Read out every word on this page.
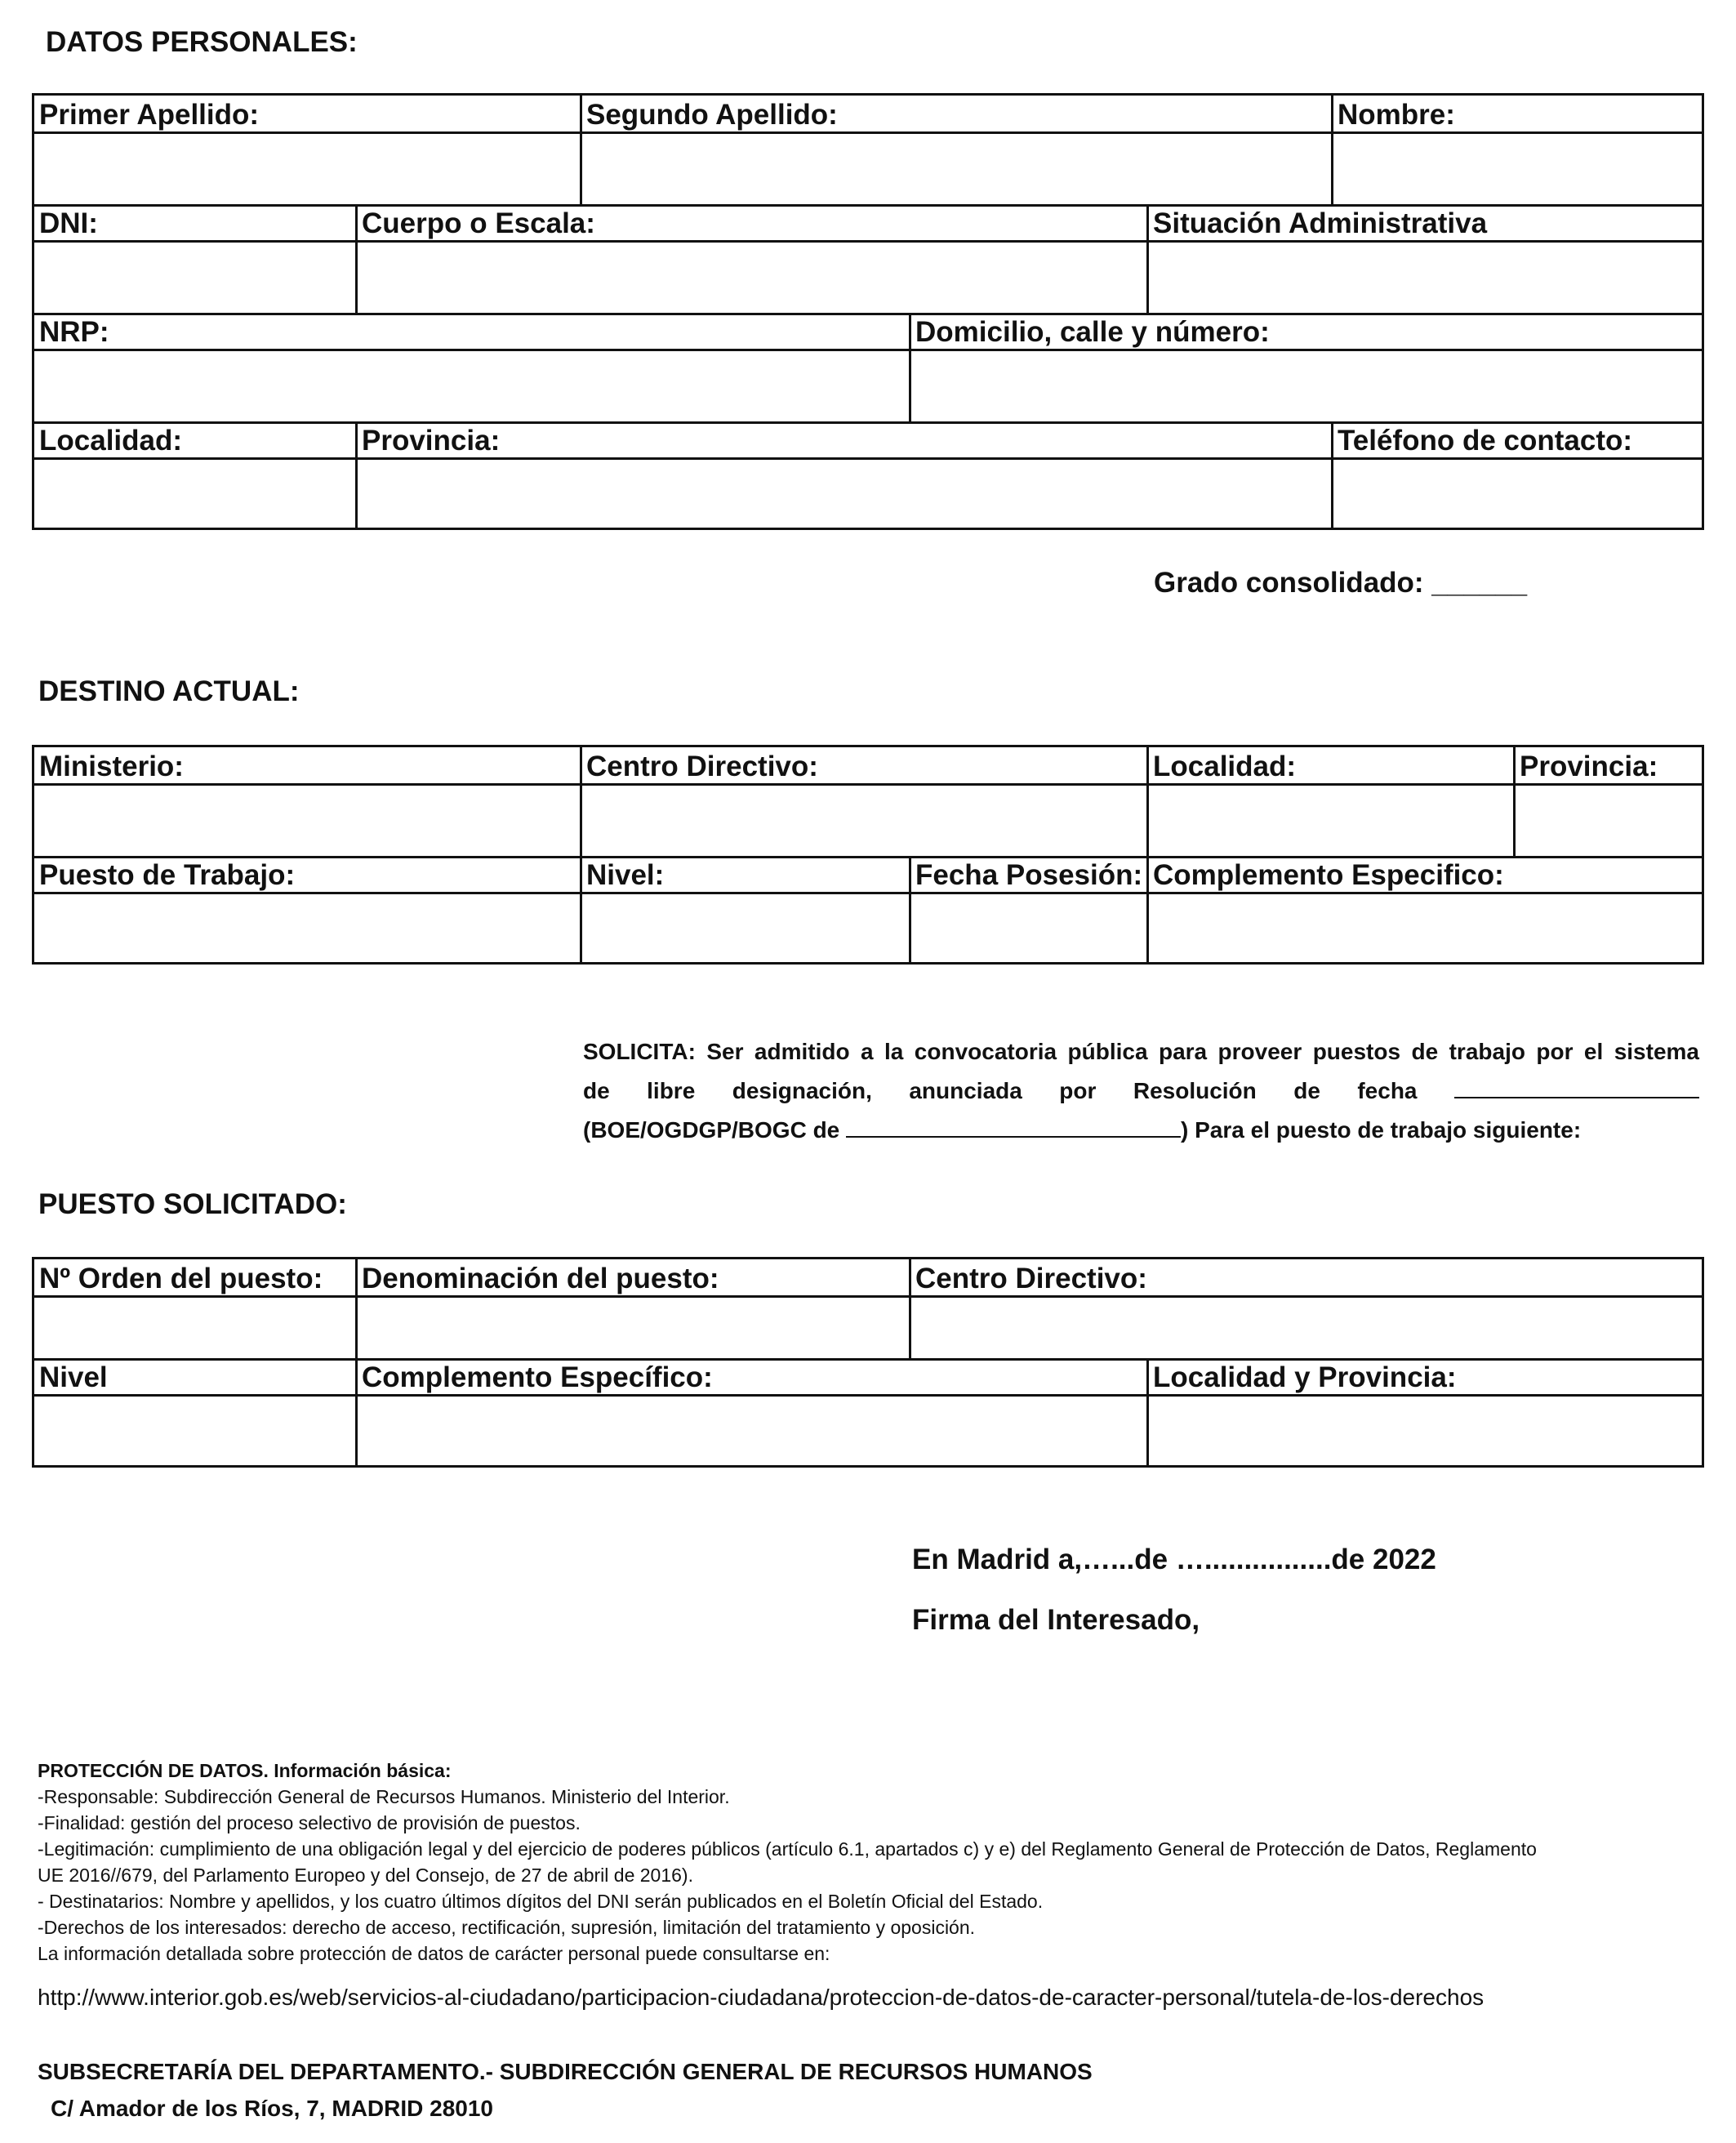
DATOS PERSONALES:
Primer Apellido:	Segundo Apellido:	Nombre:
DNI:	Cuerpo o Escala:	Situación Administrativa
NRP:	Domicilio, calle y número:
Localidad:	Provincia:	Teléfono de contacto:
Grado consolidado: ______
DESTINO ACTUAL:
Ministerio:	Centro Directivo:	Localidad:	Provincia:
Puesto de Trabajo:	Nivel:	Fecha Posesión: Complemento Especifico:
SOLICITA: Ser admitido a la convocatoria pública para proveer puestos de trabajo por el sistema
de libre designación, anunciada por Resolución de fecha
(BOE/OGDGP/BOGC de	) Para el puesto de trabajo siguiente:
PUESTO SOLICITADO:
Nº Orden del puesto: Denominación del puesto:	Centro Directivo:
Nivel	Complemento Específico:	Localidad y Provincia:
En Madrid a,…...de …................de 2022
Firma del Interesado,
PROTECCIÓN DE DATOS. Información básica:
-Responsable: Subdirección General de Recursos Humanos. Ministerio del Interior.
-Finalidad: gestión del proceso selectivo de provisión de puestos.
-Legitimación: cumplimiento de una obligación legal y del ejercicio de poderes públicos (artículo 6.1, apartados c) y e) del Reglamento General de Protección de Datos, Reglamento
UE 2016//679, del Parlamento Europeo y del Consejo, de 27 de abril de 2016).
- Destinatarios: Nombre y apellidos, y los cuatro últimos dígitos del DNI serán publicados en el Boletín Oficial del Estado.
-Derechos de los interesados: derecho de acceso, rectificación, supresión, limitación del tratamiento y oposición.
La información detallada sobre protección de datos de carácter personal puede consultarse en:
http://www.interior.gob.es/web/servicios-al-ciudadano/participacion-ciudadana/proteccion-de-datos-de-caracter-personal/tutela-de-los-derechos
SUBSECRETARÍA DEL DEPARTAMENTO.- SUBDIRECCIÓN GENERAL DE RECURSOS HUMANOS
C/ Amador de los Ríos, 7, MADRID 28010
